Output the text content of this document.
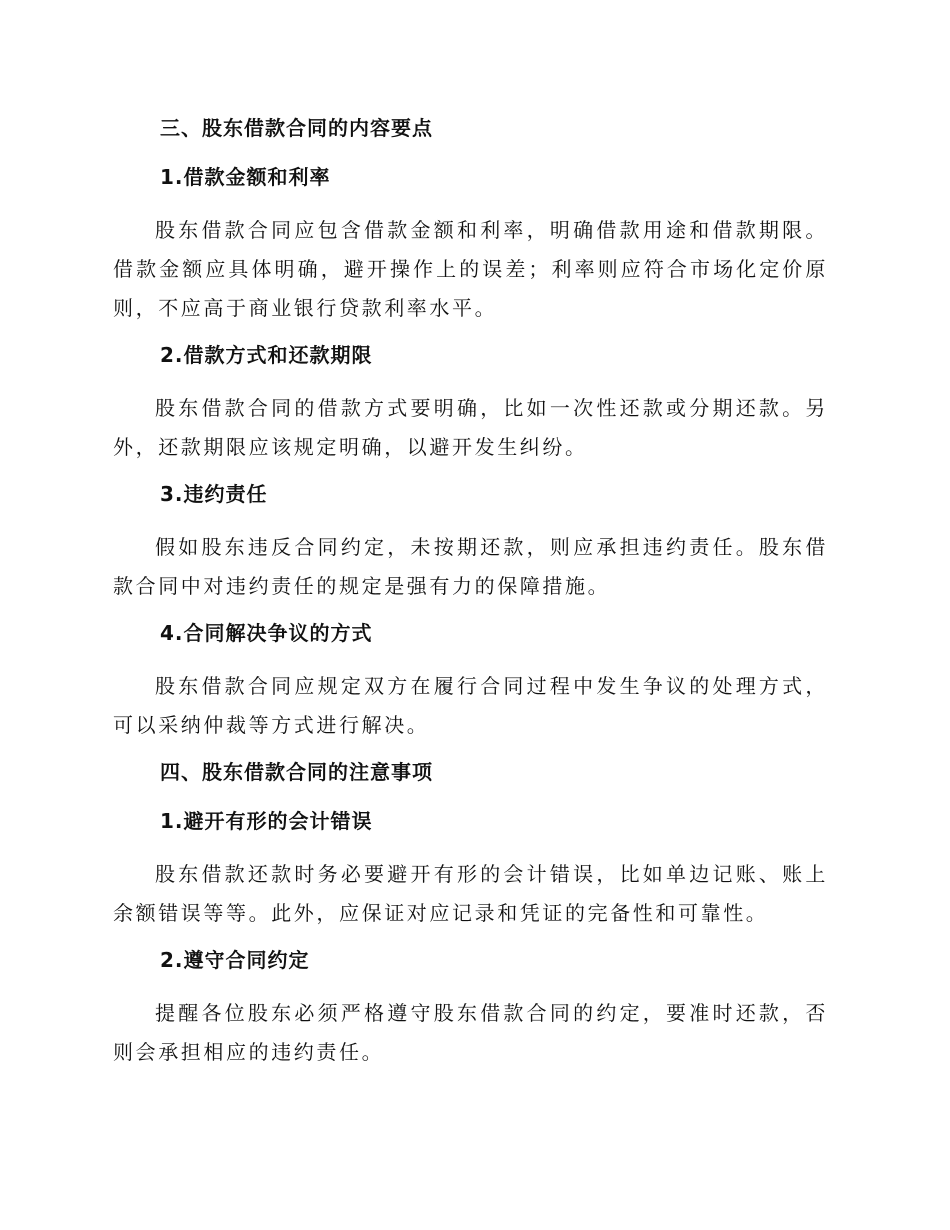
三、股东借款合同的内容要点
1.借款金额和利率

股东借款合同应包含借款金额和利率，明确借款用途和借款期限。借款金额应具体明确，避开操作上的误差；利率则应符合市场化定价原则，不应高于商业银行贷款利率水平。

2.借款方式和还款期限

股东借款合同的借款方式要明确，比如一次性还款或分期还款。另外，还款期限应该规定明确，以避开发生纠纷。

3.违约责任

假如股东违反合同约定，未按期还款，则应承担违约责任。股东借款合同中对违约责任的规定是强有力的保障措施。

4.合同解决争议的方式

股东借款合同应规定双方在履行合同过程中发生争议的处理方式，可以采纳仲裁等方式进行解决。

四、股东借款合同的注意事项
1.避开有形的会计错误

股东借款还款时务必要避开有形的会计错误，比如单边记账、账上余额错误等等。此外，应保证对应记录和凭证的完备性和可靠性。

2.遵守合同约定

提醒各位股东必须严格遵守股东借款合同的约定，要准时还款，否则会承担相应的违约责任。
